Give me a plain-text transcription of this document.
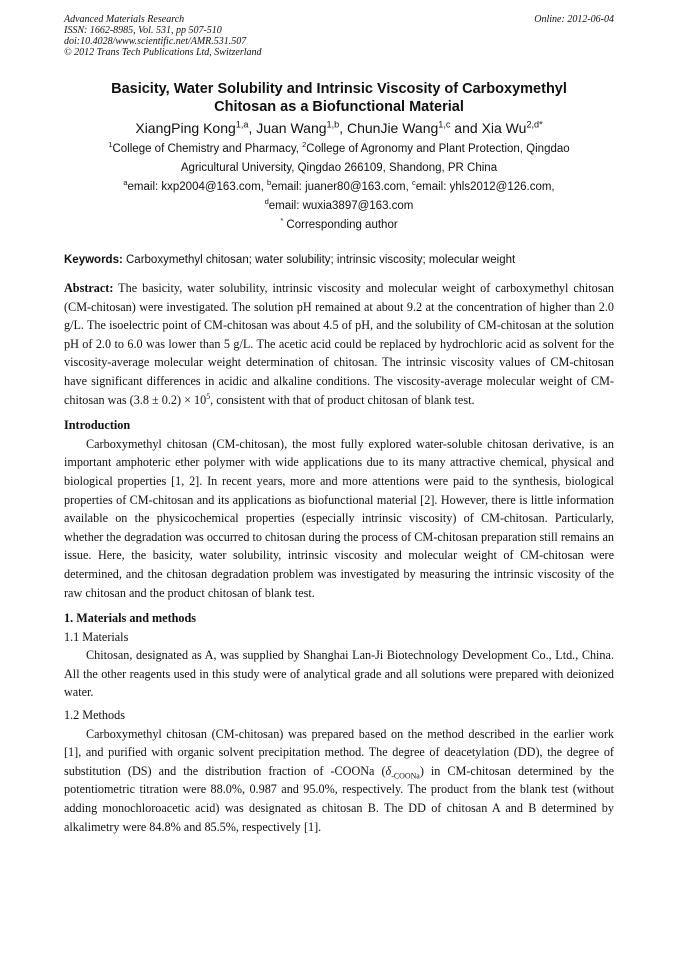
Advanced Materials Research
ISSN: 1662-8985, Vol. 531, pp 507-510
doi:10.4028/www.scientific.net/AMR.531.507
© 2012 Trans Tech Publications Ltd, Switzerland
Online: 2012-06-04
Basicity, Water Solubility and Intrinsic Viscosity of Carboxymethyl
Chitosan as a Biofunctional Material
XiangPing Kong$^{1,a}$, Juan Wang$^{1,b}$, ChunJie Wang$^{1,c}$ and Xia $Wu^{2,d*}$
$^1$College of Chemistry and Pharmacy, $^2$College of Agronomy and Plant Protection, Qingdao
Agricultural University, Qingdao 266109, Shandong, PR China
$^a$email: kxp2004@163.com, $^b$email: juaner80@163.com, $^c$email: yhls2012@126.com,
$^d$email: wuxia3897@163.com
* Corresponding author
Keywords: Carboxymethyl chitosan; water solubility; intrinsic viscosity; molecular weight

Abstract: The basicity, water solubility, intrinsic viscosity and molecular weight of carboxymethyl chitosan (CM-chitosan) were investigated. The solution pH remained at about 9.2 at the concentration of higher than 2.0 g/L. The isoelectric point of CM-chitosan was about 4.5 of pH, and the solubility of CM-chitosan at the solution pH of 2.0 to 6.0 was lower than 5 g/L. The acetic acid could be replaced by hydrochloric acid as solvent for the viscosity-average molecular weight determination of chitosan. The intrinsic viscosity values of CM-chitosan have significant differences in acidic and alkaline conditions. The viscosity-average molecular weight of CM-chitosan was $(3.8 \pm 0.2) \times 10^5$, consistent with that of product chitosan of blank test.

Introduction

Carboxymethyl chitosan (CM-chitosan), the most fully explored water-soluble chitosan derivative, is an important amphoteric ether polymer with wide applications due to its many attractive chemical, physical and biological properties [1, 2]. In recent years, more and more attentions were paid to the synthesis, biological properties of CM-chitosan and its applications as biofunctional material [2]. However, there is little information available on the physicochemical properties (especially intrinsic viscosity) of CM-chitosan. Particularly, whether the degradation was occurred to chitosan during the process of CM-chitosan preparation still remains an issue. Here, the basicity, water solubility, intrinsic viscosity and molecular weight of CM-chitosan were determined, and the chitosan degradation problem was investigated by measuring the intrinsic viscosity of the raw chitosan and the product chitosan of blank test.

1. Materials and methods
1.1 Materials

Chitosan, designated as A, was supplied by Shanghai Lan-Ji Biotechnology Development Co., Ltd., China. All the other reagents used in this study were of analytical grade and all solutions were prepared with deionized water.

1.2 Methods

Carboxymethyl chitosan (CM-chitosan) was prepared based on the method described in the earlier work [1], and purified with organic solvent precipitation method. The degree of deacetylation (DD), the degree of substitution (DS) and the distribution fraction of -COONa $(\delta_{-COONa})$ in CM-chitosan determined by the potentiometric titration were 88.0%, 0.987 and 95.0%, respectively. The product from the blank test (without adding monochloroacetic acid) was designated as chitosan B. The DD of chitosan A and B determined by alkalimetry were 84.8% and 85.5%, respectively [1].
